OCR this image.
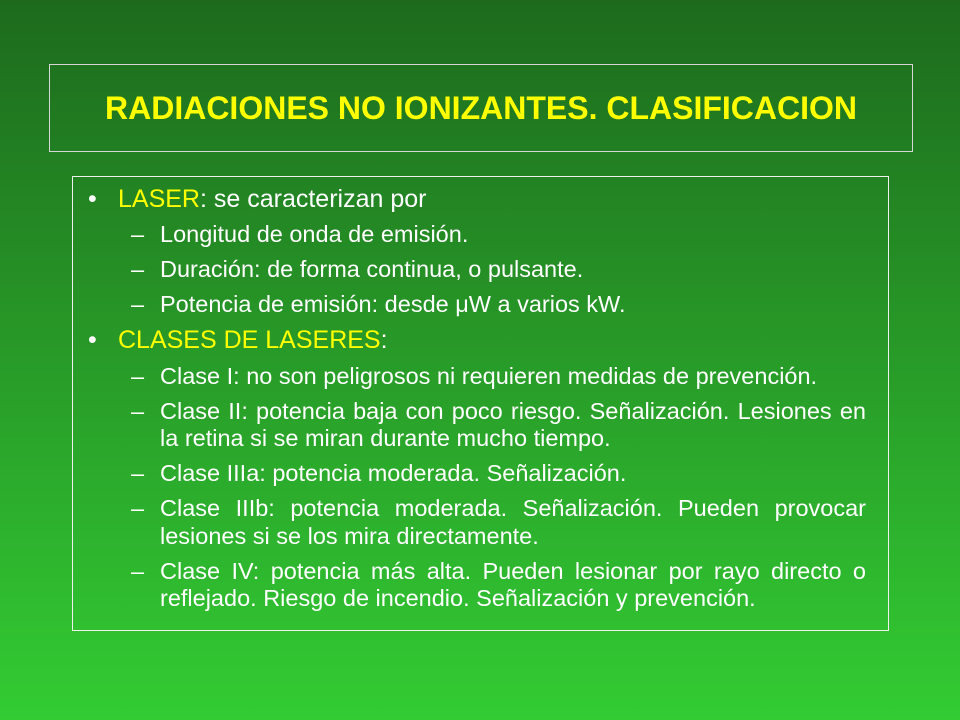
RADIACIONES NO IONIZANTES. CLASIFICACION
• LASER: se caracterizan por
– Longitud de onda de emisión.
– Duración: de forma continua, o pulsante.
– Potencia de emisión: desde μW a varios kW.
• CLASES DE LASERES:
– Clase I: no son peligrosos ni requieren medidas de prevención.
– Clase II: potencia baja con poco riesgo. Señalización. Lesiones en
la retina si se miran durante mucho tiempo.
– Clase IIIa: potencia moderada. Señalización.
– Clase IIIb: potencia moderada. Señalización. Pueden provocar
lesiones si se los mira directamente.
– Clase IV: potencia más alta. Pueden lesionar por rayo directo o
reflejado. Riesgo de incendio. Señalización y prevención.
